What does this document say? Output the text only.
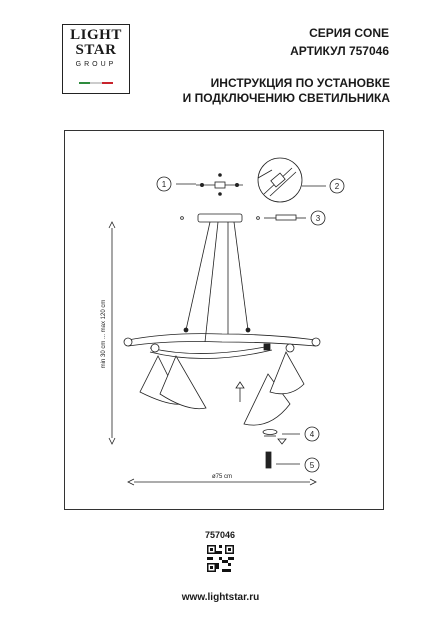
LIGHT
STAR
GROUP
СЕРИЯ CONE
АРТИКУЛ 757046
ИНСТРУКЦИЯ ПО УСТАНОВКЕ
И ПОДКЛЮЧЕНИЮ СВЕТИЛЬНИКА
1	2
3
4
5
min 30 cm ... max 120 cm
ø75 cm
757046
www.lightstar.ru
